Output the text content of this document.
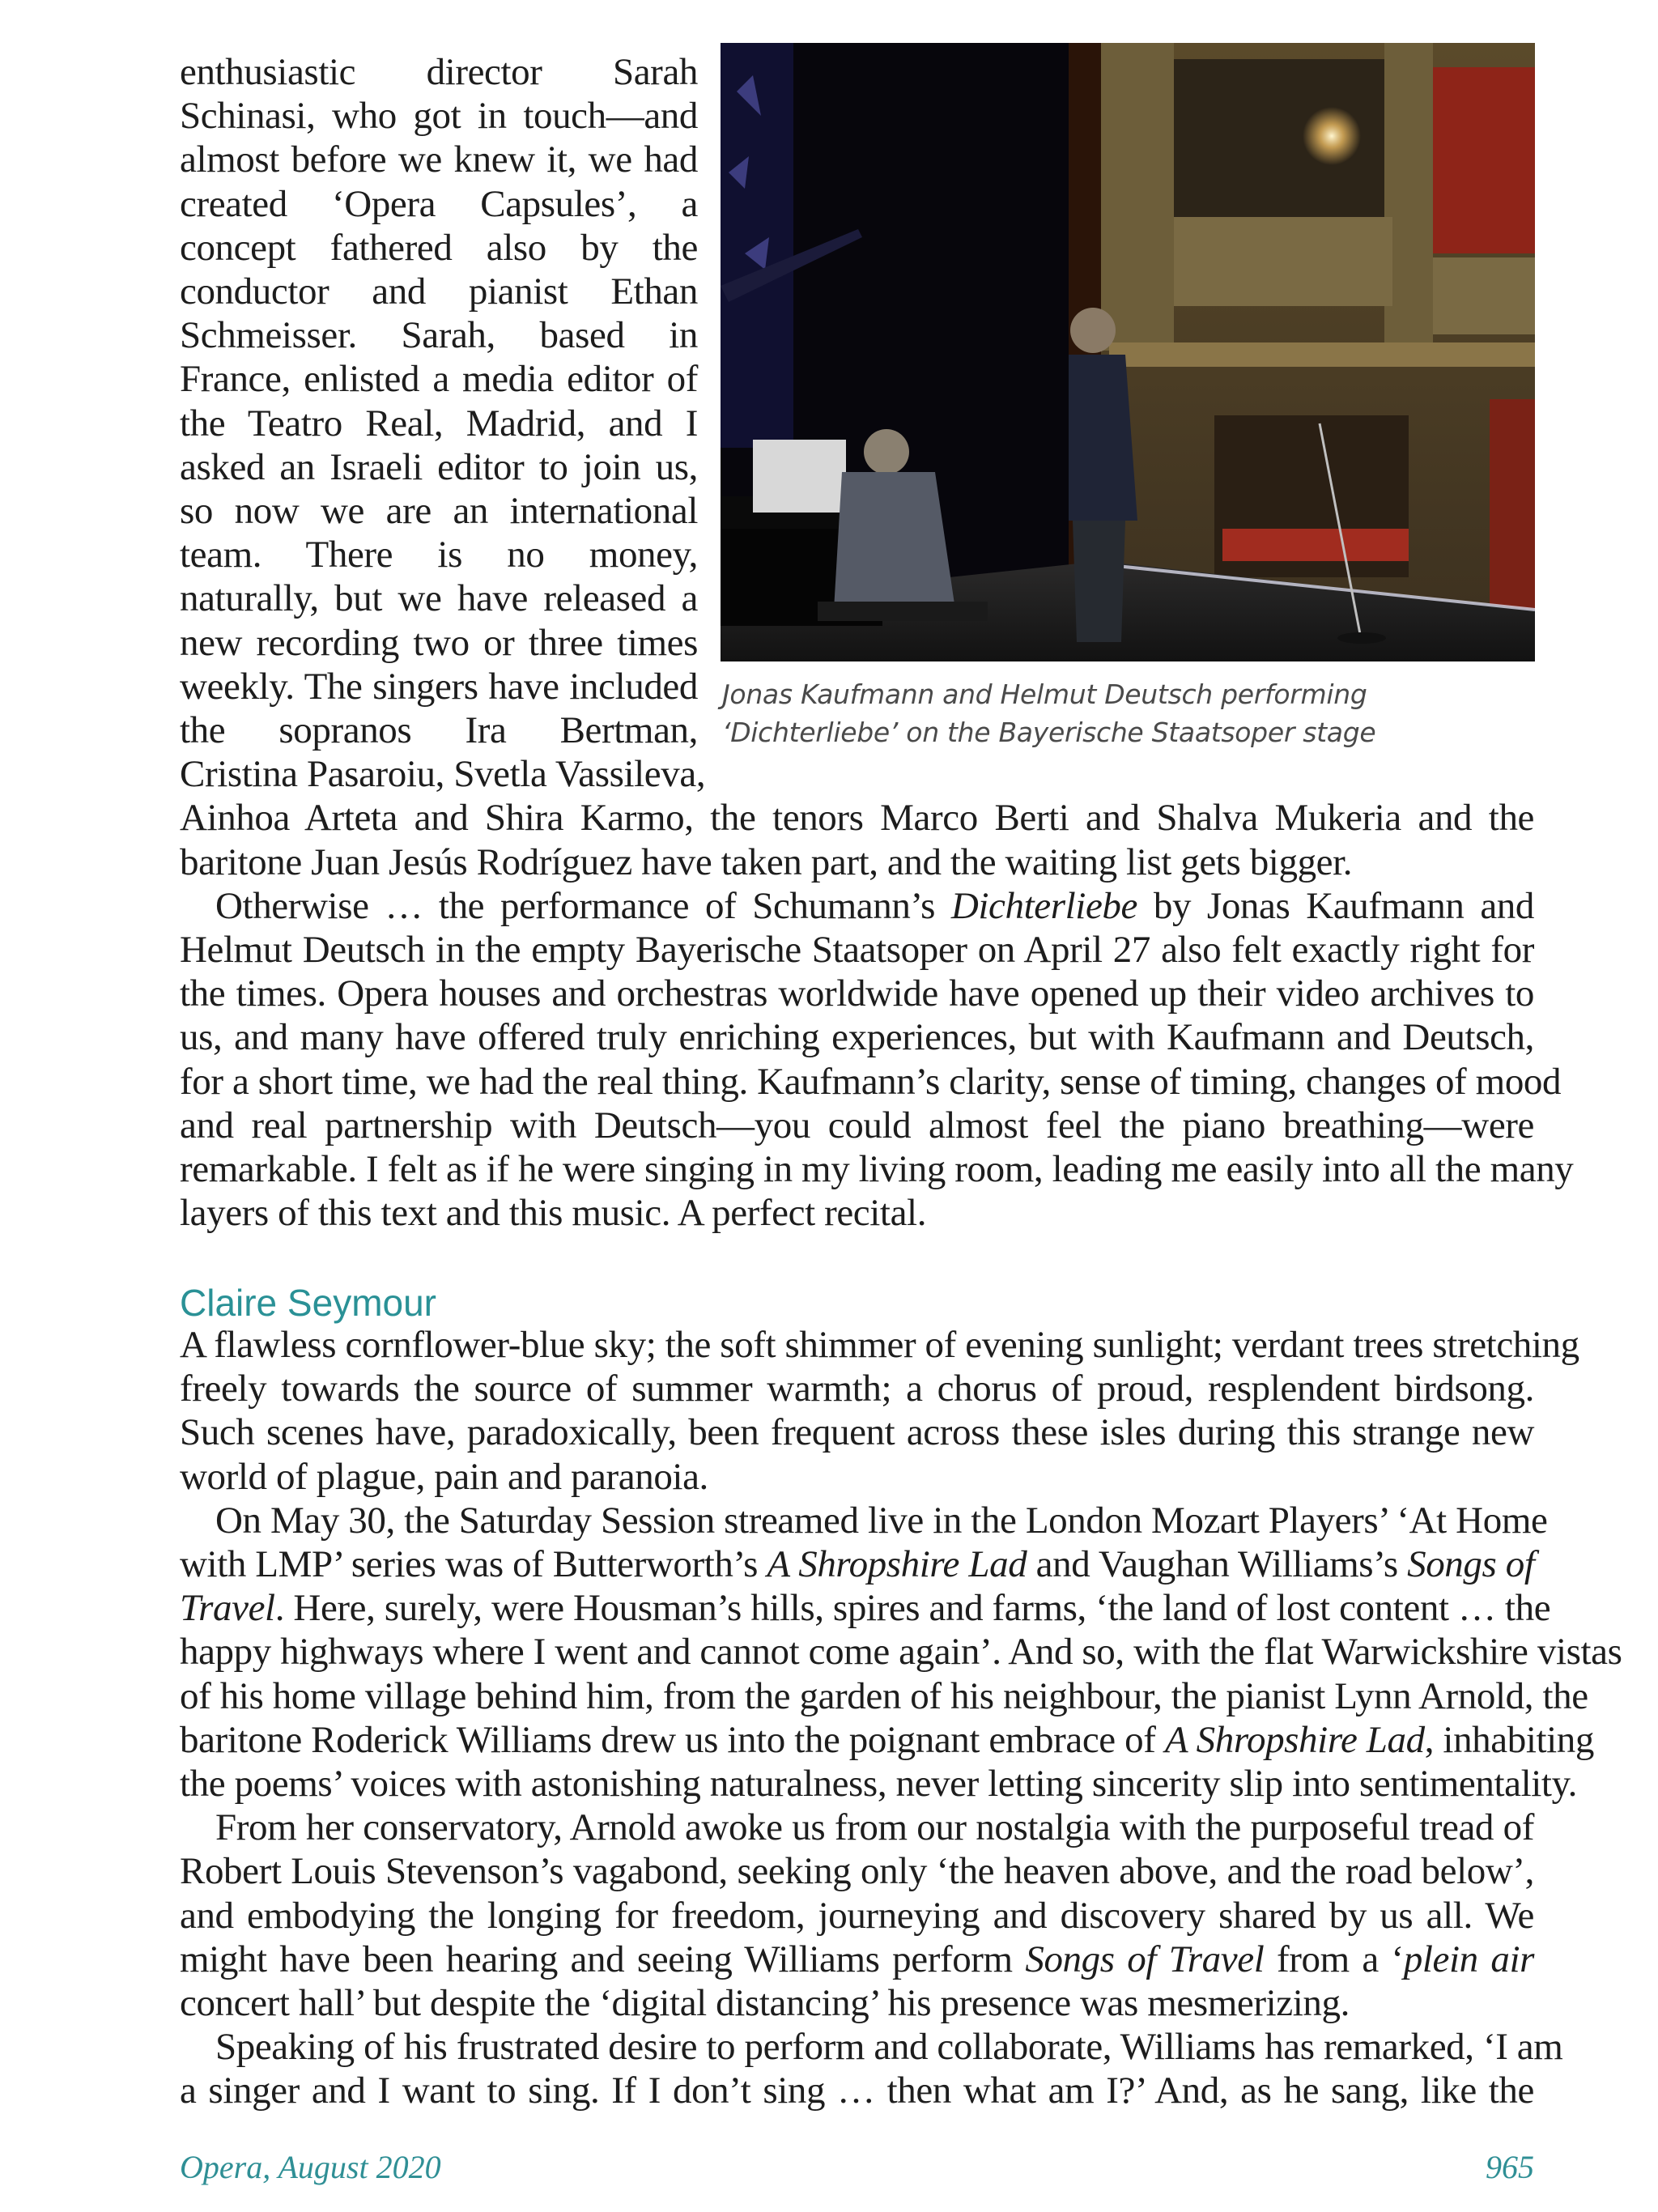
enthusiastic director Sarah
Schinasi, who got in touch—and
almost before we knew it, we had
created ‘Opera Capsules’, a
concept fathered also by the
conductor and pianist Ethan
Schmeisser. Sarah, based in
France, enlisted a media editor of
the Teatro Real, Madrid, and I
asked an Israeli editor to join us,
so now we are an international
team. There is no money,
naturally, but we have released a
new recording two or three times
weekly. The singers have included
the sopranos Ira Bertman,
Cristina Pasaroiu, Svetla Vassileva,
Ainhoa Arteta and Shira Karmo, the tenors Marco Berti and Shalva Mukeria and the
baritone Juan Jesús Rodríguez have taken part, and the waiting list gets bigger.
Otherwise … the performance of Schumann’s Dichterliebe by Jonas Kaufmann and
Helmut Deutsch in the empty Bayerische Staatsoper on April 27 also felt exactly right for
the times. Opera houses and orchestras worldwide have opened up their video archives to
us, and many have offered truly enriching experiences, but with Kaufmann and Deutsch,
for a short time, we had the real thing. Kaufmann’s clarity, sense of timing, changes of mood
and real partnership with Deutsch—you could almost feel the piano breathing—were
remarkable. I felt as if he were singing in my living room, leading me easily into all the many
layers of this text and this music. A perfect recital.
Jonas Kaufmann and Helmut Deutsch performing
‘Dichterliebe’ on the Bayerische Staatsoper stage
Claire Seymour
A flawless cornflower-blue sky; the soft shimmer of evening sunlight; verdant trees stretching
freely towards the source of summer warmth; a chorus of proud, resplendent birdsong.
Such scenes have, paradoxically, been frequent across these isles during this strange new
world of plague, pain and paranoia.
On May 30, the Saturday Session streamed live in the London Mozart Players’ ‘At Home
with LMP’ series was of Butterworth’s A Shropshire Lad and Vaughan Williams’s Songs of
Travel. Here, surely, were Housman’s hills, spires and farms, ‘the land of lost content … the
happy highways where I went and cannot come again’. And so, with the flat Warwickshire vistas
of his home village behind him, from the garden of his neighbour, the pianist Lynn Arnold, the
baritone Roderick Williams drew us into the poignant embrace of A Shropshire Lad, inhabiting
the poems’ voices with astonishing naturalness, never letting sincerity slip into sentimentality.
From her conservatory, Arnold awoke us from our nostalgia with the purposeful tread of
Robert Louis Stevenson’s vagabond, seeking only ‘the heaven above, and the road below’,
and embodying the longing for freedom, journeying and discovery shared by us all. We
might have been hearing and seeing Williams perform Songs of Travel from a ‘plein air
concert hall’ but despite the ‘digital distancing’ his presence was mesmerizing.
Speaking of his frustrated desire to perform and collaborate, Williams has remarked, ‘I am
a singer and I want to sing. If I don’t sing … then what am I?’ And, as he sang, like the
Opera, August 2020	965
